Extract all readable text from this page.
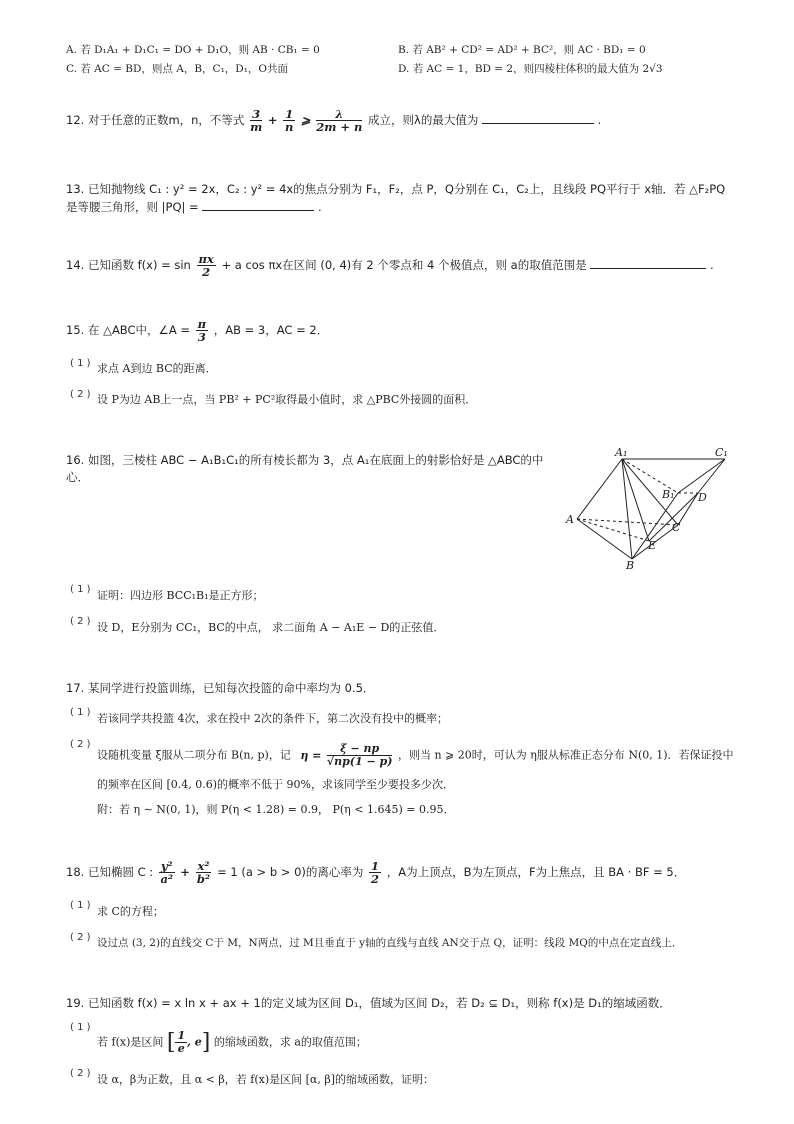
A. 若 D₁A₁ + D₁C₁ = DO + D₁O，则 AB · CB₁ = 0	B. 若 AB² + CD² = AD² + BC²，则 AC · BD₁ = 0
C. 若 AC = BD，则点 A，B，C₁，D₁，O共面	D. 若 AC = 1，BD = 2，则四棱柱体积的最大值为 2√3
12. 对于任意的正数m，n，不等式 $\frac{3}{m} + \frac{1}{n}$ ⩾ $\frac{\lambda}{2m + n}$ 成立，则λ的最大值为	.
13. 已知抛物线 C₁ : y² = 2x，C₂ : y² = 4x的焦点分别为 F₁，F₂，点 P，Q分别在 C₁，C₂上，且线段 PQ平行于 x轴．若 △F₂PQ
是等腰三角形，则 |PQ| =	.
14. 已知函数 $f(x) = \sin \frac{\pi x}{2} + a$ cos πx在区间 (0, 4)有 2 个零点和 4 个极值点，则 a的取值范围是	.
15. 在 △ABC中，∠A = $\frac{\pi}{3}$ ，AB = 3，AC = 2．
( 1 ) 求点 A到边 BC的距离．
( 2 ) 设 P为边 AB上一点，当 PB² + PC²取得最小值时，求 △PBC外接圆的面积．
16. 如图，三棱柱 ABC − A₁B₁C₁的所有棱长都为 3，点 A₁在底面上的射影恰好是 △ABC的中
心．
A₁	C₁
B₁ D
A
C
E
B
( 1 ) 证明：四边形 BCC₁B₁是正方形；
( 2 ) 设 D，E分别为 CC₁，BC的中点， 求二面角 A − A₁E − D的正弦值．
17. 某同学进行投篮训练，已知每次投篮的命中率均为 0.5．
( 1 ) 若该同学共投篮 4次，求在投中 2次的条件下，第二次没有投中的概率；
( 2 )
设随机变量 ξ服从二项分布 B(n, p)，记 $\eta = \frac{\xi - np}{√np(1 - p)}$ ，则当 n ⩾ 20时，可认为 η服从标准正态分布 N(0, 1)．若保证投中
的频率在区间 [0.4, 0.6)的概率不低于 90%，求该同学至少要投多少次．
附：若 η ∼ N(0, 1)，则 P(η < 1.28) = 0.9， P(η < 1.645) = 0.95．
18. 已知椭圆 C : $\frac{\text{y²}}{\text{a²}} + \frac{\text{x²}}{\text{b²}} = 1$ (a > b > 0)的离心率为 $\frac{1}{2}$ ，A为上顶点，B为左顶点，F为上焦点，且 BA · BF = 5．
( 1 ) 求 C的方程；
( 2 ) 设过点 (3, 2)的直线交 C于 M，N两点，过 M且垂直于 y轴的直线与直线 AN交于点 Q，证明：线段 MQ的中点在定直线上．
19. 已知函数 f(x) = x ln x + ax + 1的定义域为区间 D₁，值域为区间 D₂，若 D₂ ⊆ D₁，则称 f(x)是 D₁的缩域函数．
( 1 )
若 f(x)是区间 [ $\frac{1}{e}$ , e] 的缩域函数，求 a的取值范围；
( 2 ) 设 α，β为正数，且 α < β，若 f(x)是区间 [α, β]的缩域函数，证明：
